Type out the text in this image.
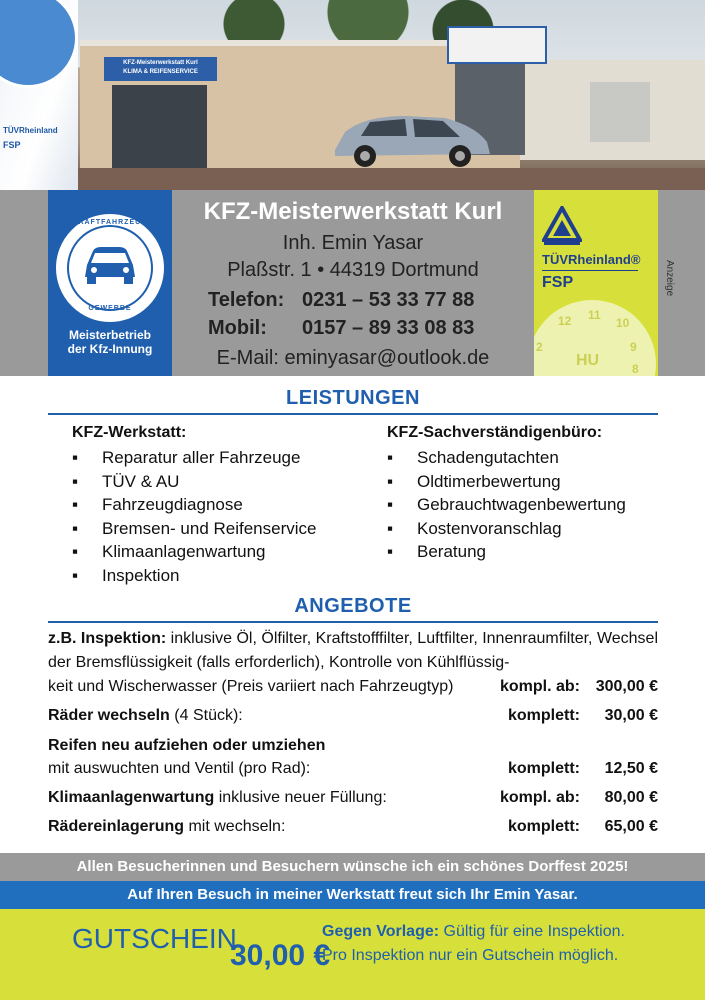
KFZ-Meisterwerkstatt Kurl
KLIMA & REIFENSERVICE
TÜVRheinland
FSP
KRAFTFAHRZEUG
GEWERBE
Meisterbetrieb
der Kfz-Innung
KFZ-Meisterwerkstatt Kurl
Inh. Emin Yasar
Plaßstr. 1 • 44319 Dortmund
Telefon: 0231 – 53 33 77 88
Mobil: 0157 – 89 33 08 83
E-Mail: eminyasar@outlook.de
TÜVRheinland®
FSP
2
12 11
10
9
8
HU
Anzeige
LEISTUNGEN
KFZ-Werkstatt:
▪ Reparatur aller Fahrzeuge
▪ TÜV & AU
▪ Fahrzeugdiagnose
▪ Bremsen- und Reifenservice
▪ Klimaanlagenwartung
▪ Inspektion
KFZ-Sachverständigenbüro:
▪ Schadengutachten
▪ Oldtimerbewertung
▪ Gebrauchtwagenbewertung
▪ Kostenvoranschlag
▪ Beratung
ANGEBOTE
z.B. Inspektion: inklusive Öl, Ölfilter, Kraftstofffilter, Luftfilter, Innenraumfilter, Wechsel der Bremsflüssigkeit (falls erforderlich), Kontrolle von Kühlflüssig-
keit und Wischerwasser (Preis variiert nach Fahrzeugtyp)	kompl. ab: 300,00 €
Räder wechseln (4 Stück):	komplett: 30,00 €
Reifen neu aufziehen oder umziehen
mit auswuchten und Ventil (pro Rad):	komplett: 12,50 €
Klimaanlagenwartung inklusive neuer Füllung:	kompl. ab: 80,00 €
Rädereinlagerung mit wechseln:	komplett: 65,00 €
Allen Besucherinnen und Besuchern wünsche ich ein schönes Dorffest 2025!
Auf Ihren Besuch in meiner Werkstatt freut sich Ihr Emin Yasar.
GUTSCHEIN
30,00 €
Gegen Vorlage: Gültig für eine Inspektion.
Pro Inspektion nur ein Gutschein möglich.
